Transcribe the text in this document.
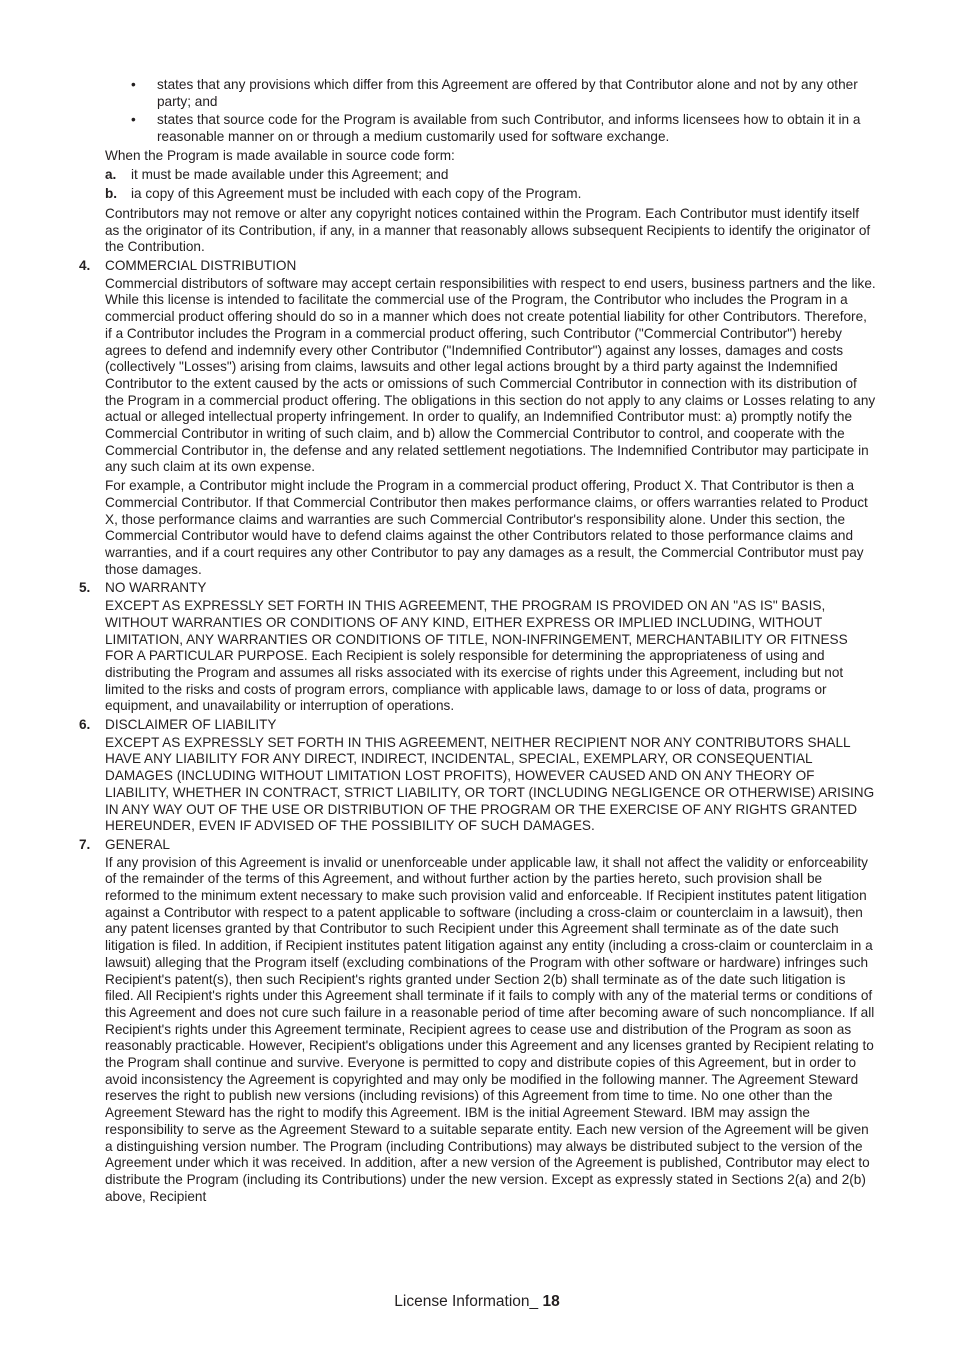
• states that any provisions which differ from this Agreement are offered by that Contributor alone and not by any other party; and
• states that source code for the Program is available from such Contributor, and informs licensees how to obtain it in a reasonable manner on or through a medium customarily used for software exchange.

When the Program is made available in source code form:

a. it must be made available under this Agreement; and
b. ia copy of this Agreement must be included with each copy of the Program.

Contributors may not remove or alter any copyright notices contained within the Program. Each Contributor must identify itself as the originator of its Contribution, if any, in a manner that reasonably allows subsequent Recipients to identify the originator of the Contribution.

4. COMMERCIAL DISTRIBUTION

Commercial distributors of software may accept certain responsibilities with respect to end users, business partners and the like. While this license is intended to facilitate the commercial use of the Program, the Contributor who includes the Program in a commercial product offering should do so in a manner which does not create potential liability for other Contributors. Therefore, if a Contributor includes the Program in a commercial product offering, such Contributor ("Commercial Contributor") hereby agrees to defend and indemnify every other Contributor ("Indemnified Contributor") against any losses, damages and costs (collectively "Losses") arising from claims, lawsuits and other legal actions brought by a third party against the Indemnified Contributor to the extent caused by the acts or omissions of such Commercial Contributor in connection with its distribution of the Program in a commercial product offering. The obligations in this section do not apply to any claims or Losses relating to any actual or alleged intellectual property infringement. In order to qualify, an Indemnified Contributor must: a) promptly notify the Commercial Contributor in writing of such claim, and b) allow the Commercial Contributor to control, and cooperate with the Commercial Contributor in, the defense and any related settlement negotiations. The Indemnified Contributor may participate in any such claim at its own expense.

For example, a Contributor might include the Program in a commercial product offering, Product X. That Contributor is then a Commercial Contributor. If that Commercial Contributor then makes performance claims, or offers warranties related to Product X, those performance claims and warranties are such Commercial Contributor's responsibility alone. Under this section, the Commercial Contributor would have to defend claims against the other Contributors related to those performance claims and warranties, and if a court requires any other Contributor to pay any damages as a result, the Commercial Contributor must pay those damages.

5. NO WARRANTY

EXCEPT AS EXPRESSLY SET FORTH IN THIS AGREEMENT, THE PROGRAM IS PROVIDED ON AN "AS IS" BASIS, WITHOUT WARRANTIES OR CONDITIONS OF ANY KIND, EITHER EXPRESS OR IMPLIED INCLUDING, WITHOUT LIMITATION, ANY WARRANTIES OR CONDITIONS OF TITLE, NON-INFRINGEMENT, MERCHANTABILITY OR FITNESS FOR A PARTICULAR PURPOSE. Each Recipient is solely responsible for determining the appropriateness of using and distributing the Program and assumes all risks associated with its exercise of rights under this Agreement, including but not limited to the risks and costs of program errors, compliance with applicable laws, damage to or loss of data, programs or equipment, and unavailability or interruption of operations.

6. DISCLAIMER OF LIABILITY

EXCEPT AS EXPRESSLY SET FORTH IN THIS AGREEMENT, NEITHER RECIPIENT NOR ANY CONTRIBUTORS SHALL HAVE ANY LIABILITY FOR ANY DIRECT, INDIRECT, INCIDENTAL, SPECIAL, EXEMPLARY, OR CONSEQUENTIAL DAMAGES (INCLUDING WITHOUT LIMITATION LOST PROFITS), HOWEVER CAUSED AND ON ANY THEORY OF LIABILITY, WHETHER IN CONTRACT, STRICT LIABILITY, OR TORT (INCLUDING NEGLIGENCE OR OTHERWISE) ARISING IN ANY WAY OUT OF THE USE OR DISTRIBUTION OF THE PROGRAM OR THE EXERCISE OF ANY RIGHTS GRANTED HEREUNDER, EVEN IF ADVISED OF THE POSSIBILITY OF SUCH DAMAGES.

7. GENERAL

If any provision of this Agreement is invalid or unenforceable under applicable law, it shall not affect the validity or enforceability of the remainder of the terms of this Agreement, and without further action by the parties hereto, such provision shall be reformed to the minimum extent necessary to make such provision valid and enforceable. If Recipient institutes patent litigation against a Contributor with respect to a patent applicable to software (including a cross-claim or counterclaim in a lawsuit), then any patent licenses granted by that Contributor to such Recipient under this Agreement shall terminate as of the date such litigation is filed. In addition, if Recipient institutes patent litigation against any entity (including a cross-claim or counterclaim in a lawsuit) alleging that the Program itself (excluding combinations of the Program with other software or hardware) infringes such Recipient's patent(s), then such Recipient's rights granted under Section 2(b) shall terminate as of the date such litigation is filed. All Recipient's rights under this Agreement shall terminate if it fails to comply with any of the material terms or conditions of this Agreement and does not cure such failure in a reasonable period of time after becoming aware of such noncompliance. If all Recipient's rights under this Agreement terminate, Recipient agrees to cease use and distribution of the Program as soon as reasonably practicable. However, Recipient's obligations under this Agreement and any licenses granted by Recipient relating to the Program shall continue and survive. Everyone is permitted to copy and distribute copies of this Agreement, but in order to avoid inconsistency the Agreement is copyrighted and may only be modified in the following manner. The Agreement Steward reserves the right to publish new versions (including revisions) of this Agreement from time to time. No one other than the Agreement Steward has the right to modify this Agreement. IBM is the initial Agreement Steward. IBM may assign the responsibility to serve as the Agreement Steward to a suitable separate entity. Each new version of the Agreement will be given a distinguishing version number. The Program (including Contributions) may always be distributed subject to the version of the Agreement under which it was received. In addition, after a new version of the Agreement is published, Contributor may elect to distribute the Program (including its Contributions) under the new version. Except as expressly stated in Sections 2(a) and 2(b) above, Recipient

License Information_ 18
